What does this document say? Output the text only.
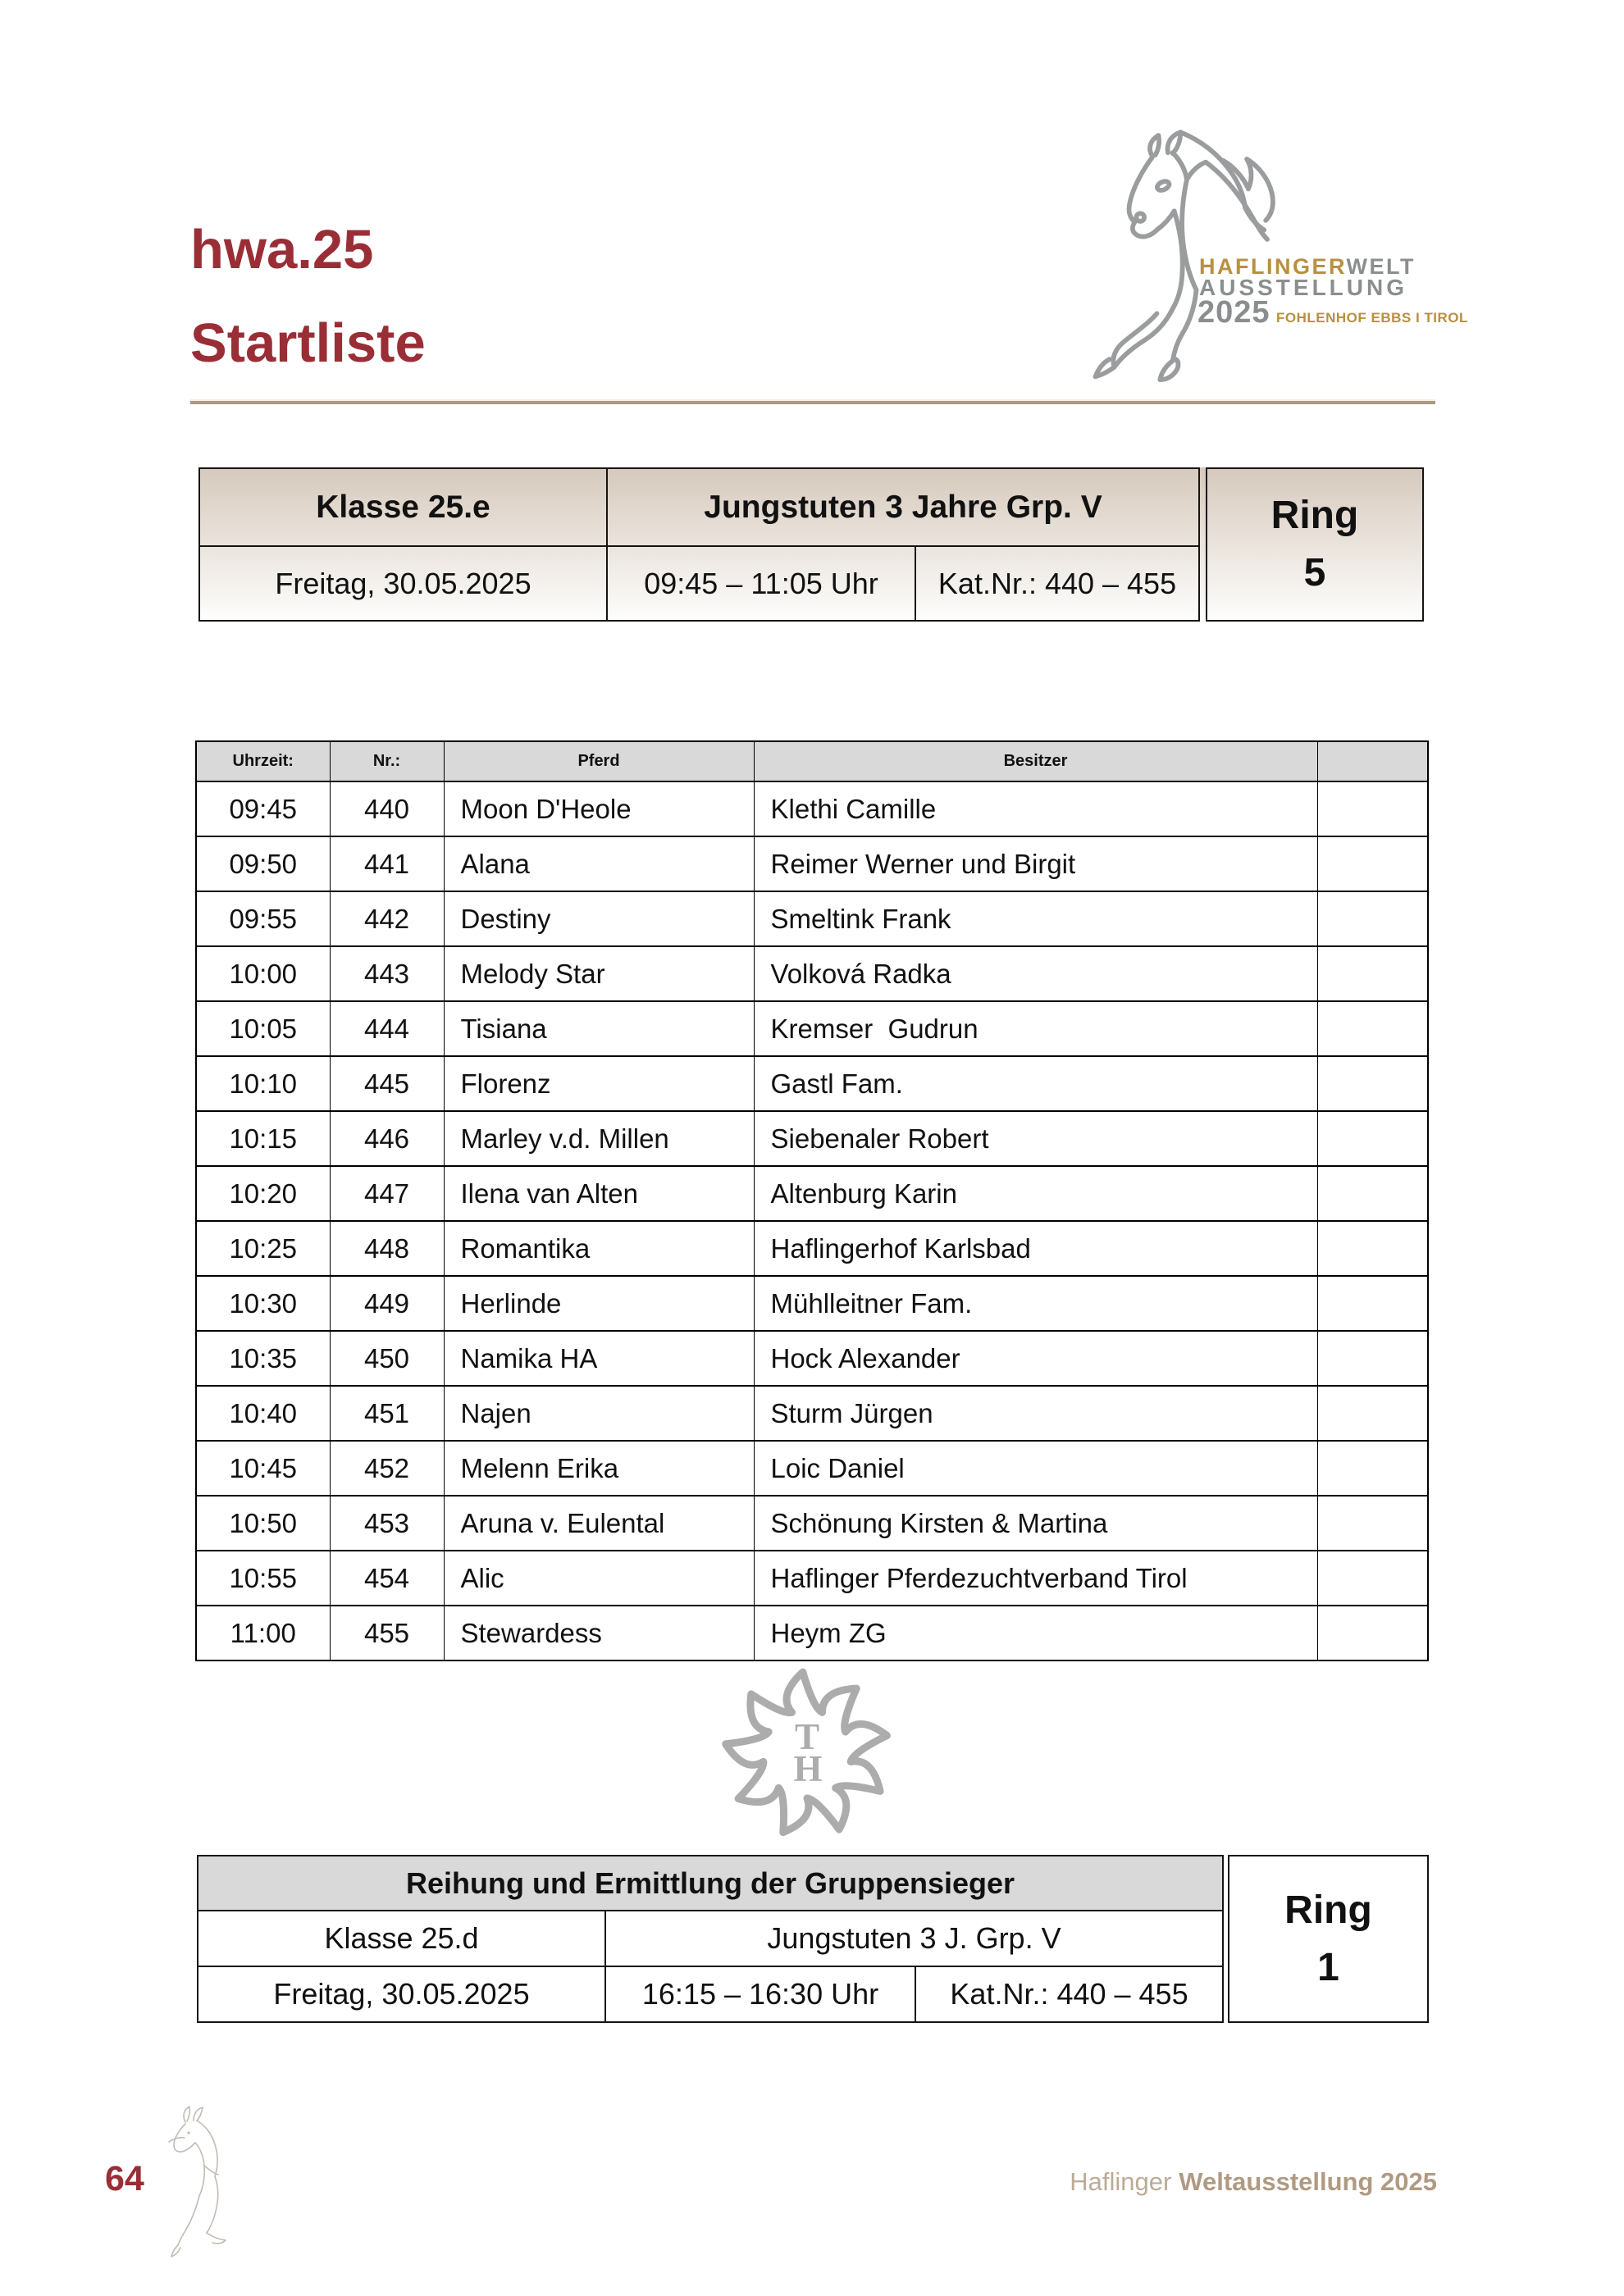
hwa.25
Startliste
HAFLINGERWELT
AUSSTELLUNG
2025 FOHLENHOF EBBS I TIROL
Klasse 25.e	Jungstuten 3 Jahre Grp. V	
Freitag, 30.05.2025	09:45 – 11:05 Uhr	Kat.Nr.: 440 – 455
Ring
5
Uhrzeit:	Nr.:	Pferd	Besitzer	
09:45	440	Moon D'Heole	Klethi Camille	
09:50	441	Alana	Reimer Werner und Birgit	
09:55	442	Destiny	Smeltink Frank	
10:00	443	Melody Star	Volková Radka	
10:05	444	Tisiana	Kremser  Gudrun	
10:10	445	Florenz	Gastl Fam.	
10:15	446	Marley v.d. Millen	Siebenaler Robert	
10:20	447	Ilena van Alten	Altenburg Karin	
10:25	448	Romantika	Haflingerhof Karlsbad	
10:30	449	Herlinde	Mühlleitner Fam.	
10:35	450	Namika HA	Hock Alexander	
10:40	451	Najen	Sturm Jürgen	
10:45	452	Melenn Erika	Loic Daniel	
10:50	453	Aruna v. Eulental	Schönung Kirsten & Martina	
10:55	454	Alic	Haflinger Pferdezuchtverband Tirol	
11:00	455	Stewardess	Heym ZG	
T
H
Reihung und Ermittlung der Gruppensieger		
Klasse 25.d	Jungstuten 3 J. Grp. V	
Freitag, 30.05.2025	16:15 – 16:30 Uhr	Kat.Nr.: 440 – 455
Ring
1
64	Haflinger Weltausstellung 2025
